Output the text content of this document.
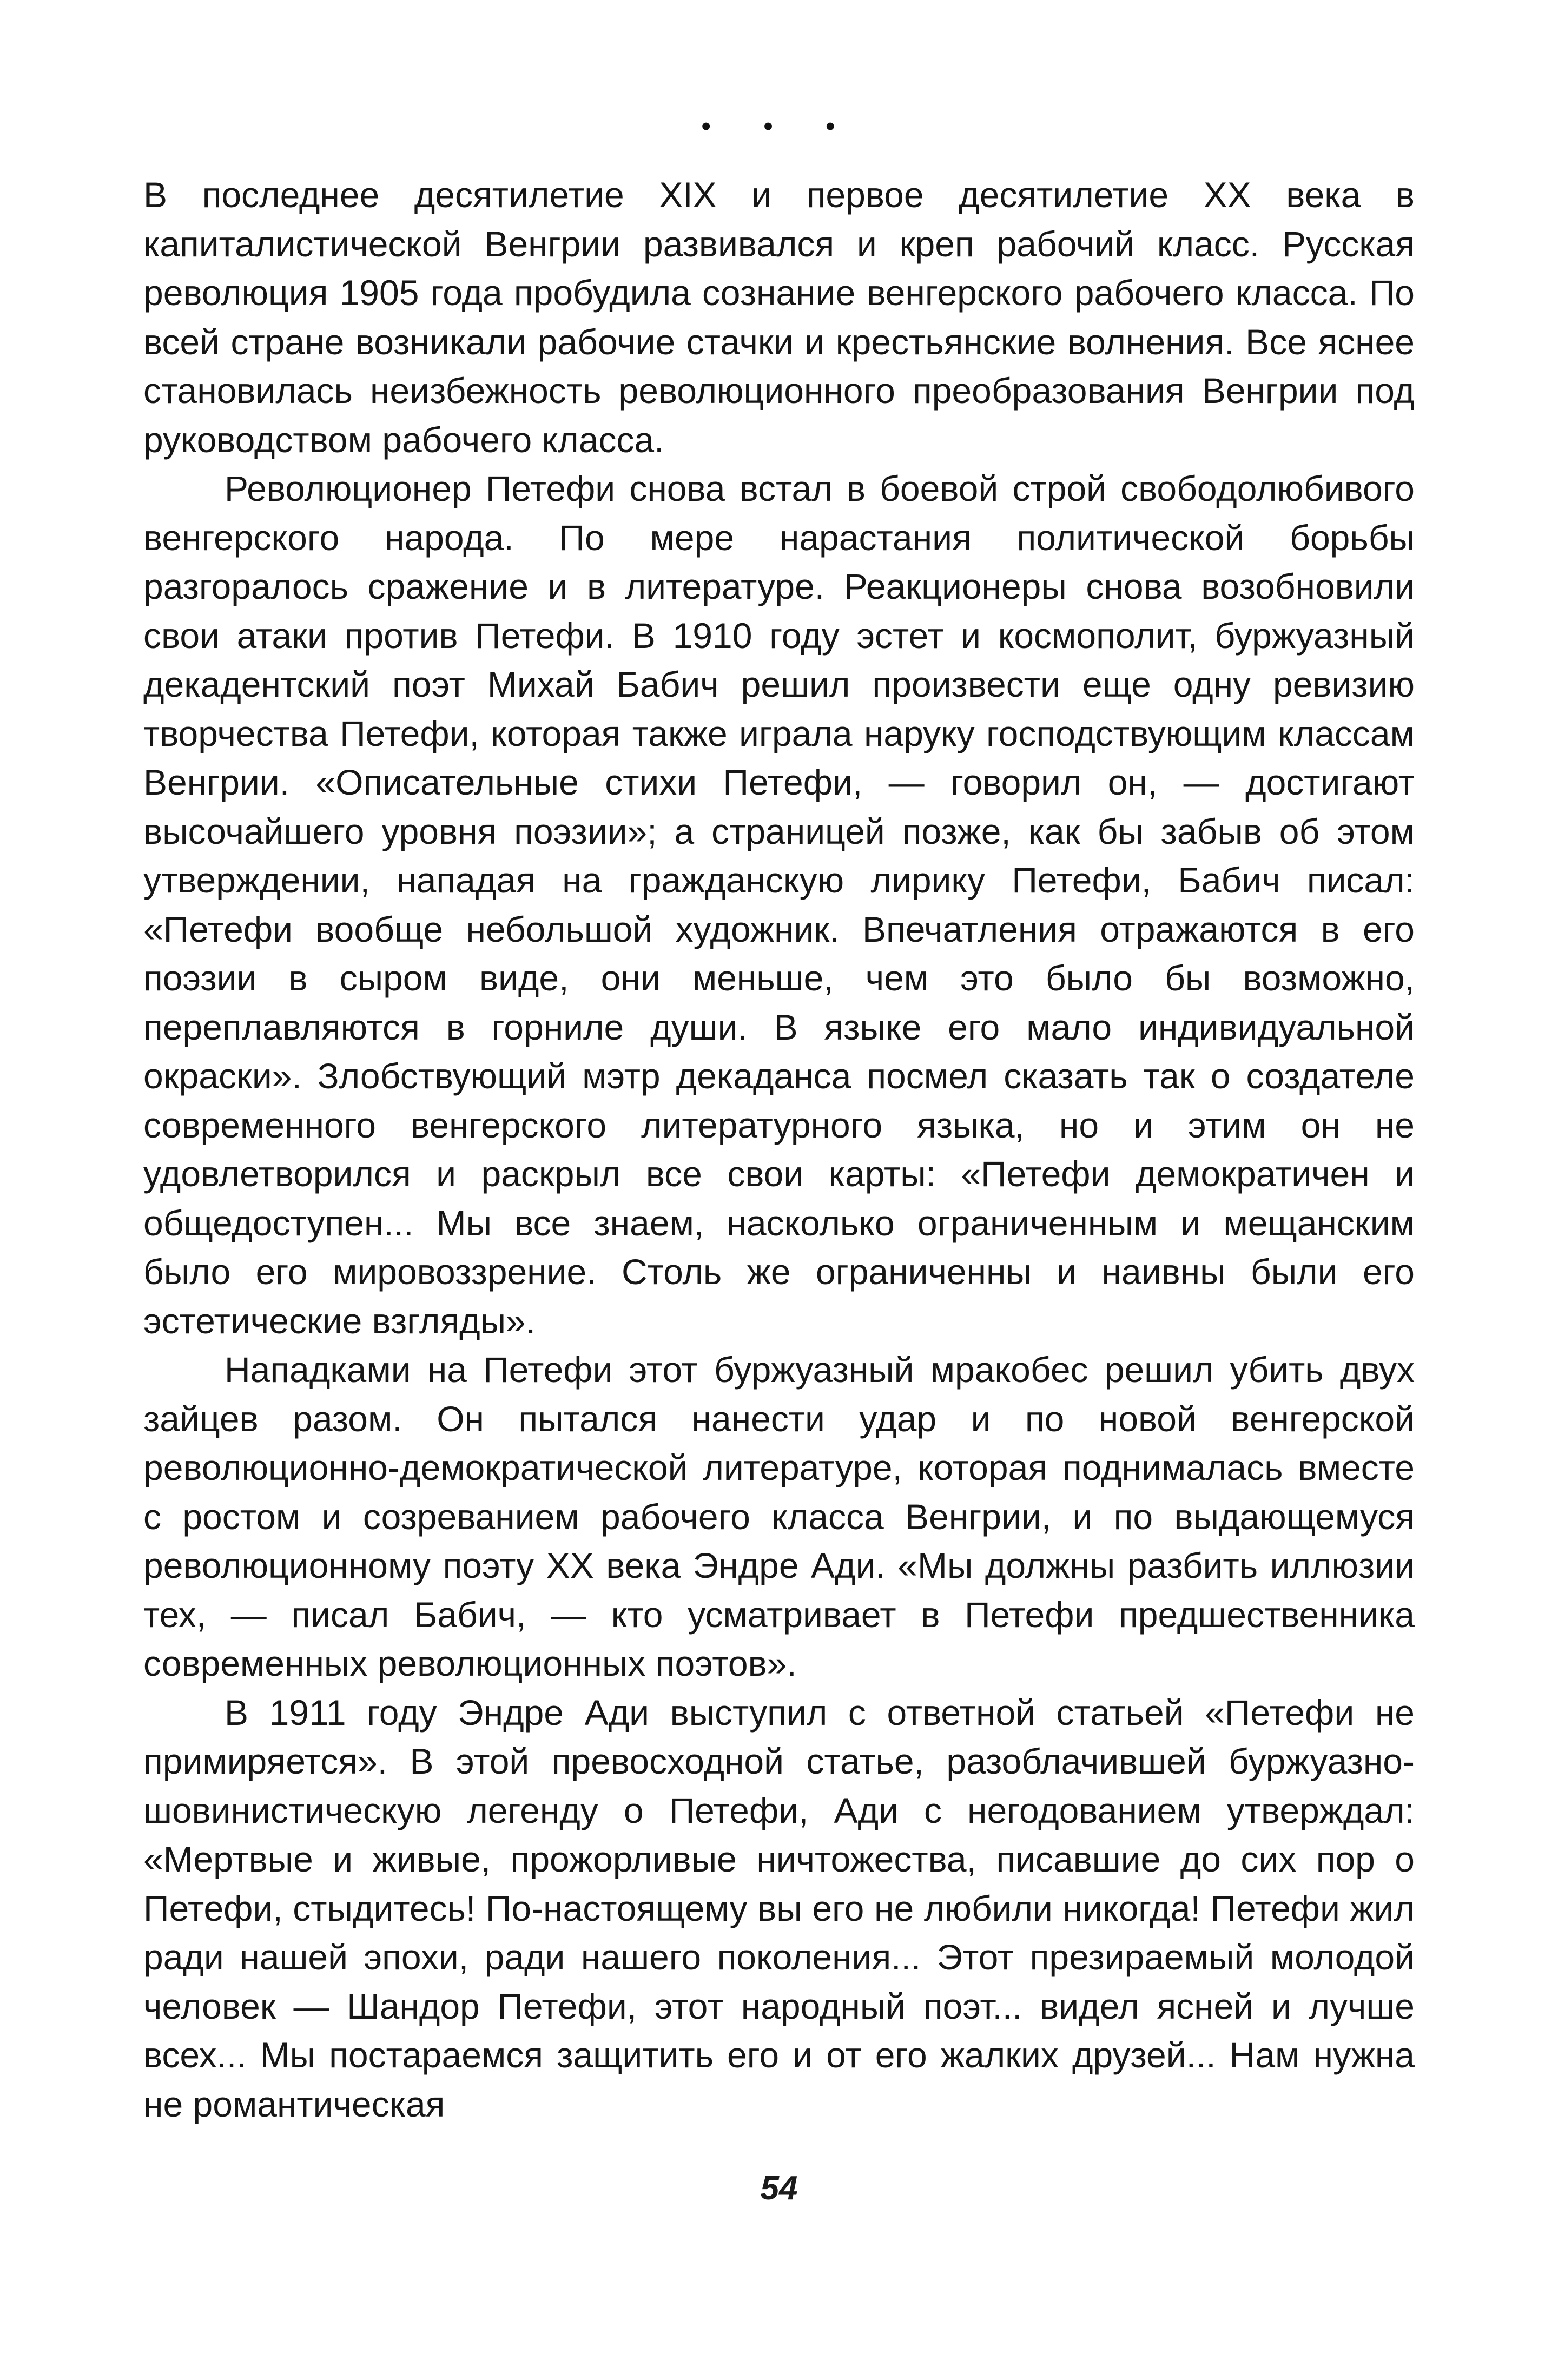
• • •

В последнее десятилетие XIX и первое десятилетие XX века в капиталистической Венгрии развивался и креп рабочий класс. Русская революция 1905 года пробудила сознание венгерского рабочего класса. По всей стране возникали рабочие стачки и крестьянские волнения. Все яснее становилась неизбежность революционного преобразования Венгрии под руководством рабочего класса.

Революционер Петефи снова встал в боевой строй свободолюбивого венгерского народа. По мере нарастания политической борьбы разгоралось сражение и в литературе. Реакционеры снова возобновили свои атаки против Петефи. В 1910 году эстет и космополит, буржуазный декадентский поэт Михай Бабич решил произвести еще одну ревизию творчества Петефи, которая также играла наруку господствующим классам Венгрии. «Описательные стихи Петефи, — говорил он, — достигают высочайшего уровня поэзии»; а страницей позже, как бы забыв об этом утверждении, нападая на гражданскую лирику Петефи, Бабич писал: «Петефи вообще небольшой художник. Впечатления отражаются в его поэзии в сыром виде, они меньше, чем это было бы возможно, переплавляются в горниле души. В языке его мало индивидуальной окраски». Злобствующий мэтр декаданса посмел сказать так о создателе современного венгерского литературного языка, но и этим он не удовлетворился и раскрыл все свои карты: «Петефи демократичен и общедоступен... Мы все знаем, насколько ограниченным и мещанским было его мировоззрение. Столь же ограниченны и наивны были его эстетические взгляды».

Нападками на Петефи этот буржуазный мракобес решил убить двух зайцев разом. Он пытался нанести удар и по новой венгерской революционно-демократической литературе, которая поднималась вместе с ростом и созреванием рабочего класса Венгрии, и по выдающемуся революционному поэту XX века Эндре Ади. «Мы должны разбить иллюзии тех, — писал Бабич, — кто усматривает в Петефи предшественника современных революционных поэтов».

В 1911 году Эндре Ади выступил с ответной статьей «Петефи не примиряется». В этой превосходной статье, разоблачившей буржуазно-шовинистическую легенду о Петефи, Ади с негодованием утверждал: «Мертвые и живые, прожорливые ничтожества, писавшие до сих пор о Петефи, стыдитесь! По-настоящему вы его не любили никогда! Петефи жил ради нашей эпохи, ради нашего поколения... Этот презираемый молодой человек — Шандор Петефи, этот народный поэт... видел ясней и лучше всех... Мы постараемся защитить его и от его жалких друзей... Нам нужна не романтическая

54
